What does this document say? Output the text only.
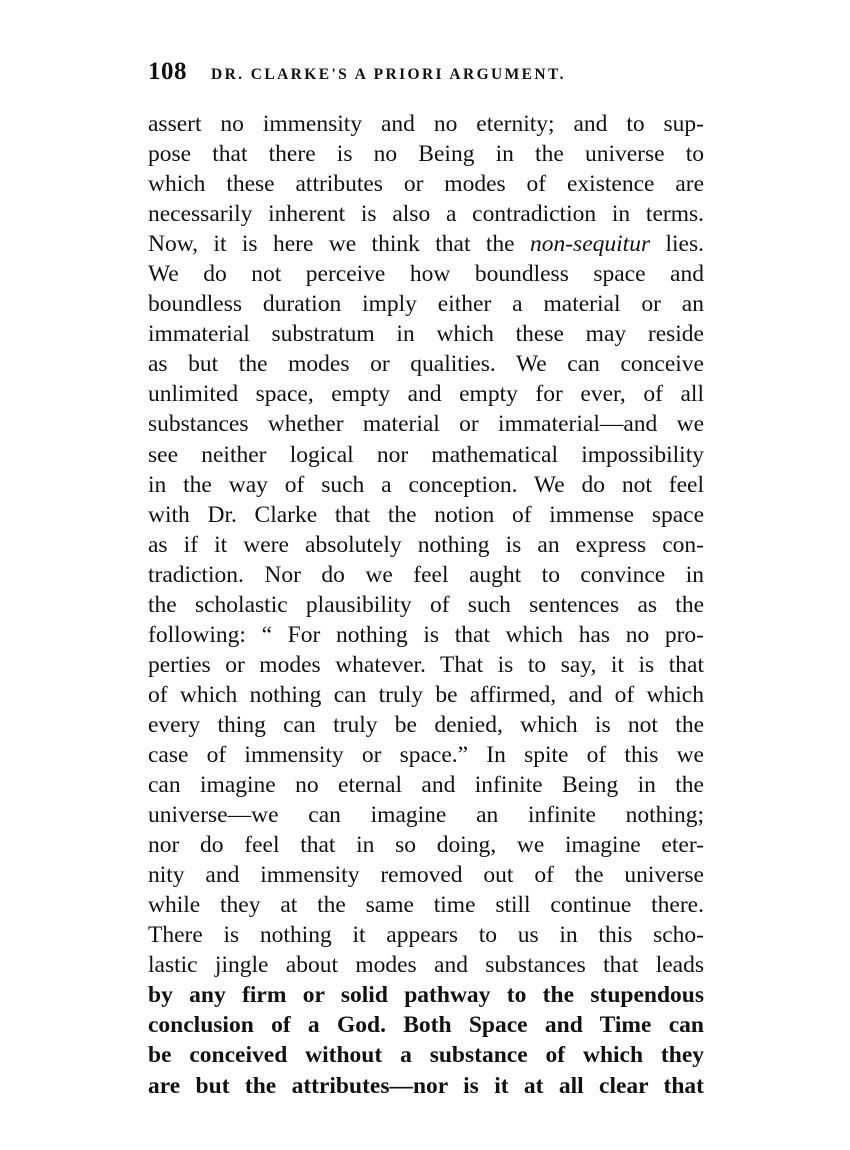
108 DR. CLARKE'S A PRIORI ARGUMENT.
assert no immensity and no eternity; and to sup-
pose that there is no Being in the universe to
which these attributes or modes of existence are
necessarily inherent is also a contradiction in terms.
Now, it is here we think that the non-sequitur lies.
We do not perceive how boundless space and
boundless duration imply either a material or an
immaterial substratum in which these may reside
as but the modes or qualities. We can conceive
unlimited space, empty and empty for ever, of all
substances whether material or immaterial—and we
see neither logical nor mathematical impossibility
in the way of such a conception. We do not feel
with Dr. Clarke that the notion of immense space
as if it were absolutely nothing is an express con-
tradiction. Nor do we feel aught to convince in
the scholastic plausibility of such sentences as the
following: “ For nothing is that which has no pro-
perties or modes whatever. That is to say, it is that
of which nothing can truly be affirmed, and of which
every thing can truly be denied, which is not the
case of immensity or space.” In spite of this we
can imagine no eternal and infinite Being in the
universe—we can imagine an infinite nothing;
nor do feel that in so doing, we imagine eter-
nity and immensity removed out of the universe
while they at the same time still continue there.
There is nothing it appears to us in this scho-
lastic jingle about modes and substances that leads
by any firm or solid pathway to the stupendous
conclusion of a God. Both Space and Time can
be conceived without a substance of which they
are but the attributes—nor is it at all clear that
